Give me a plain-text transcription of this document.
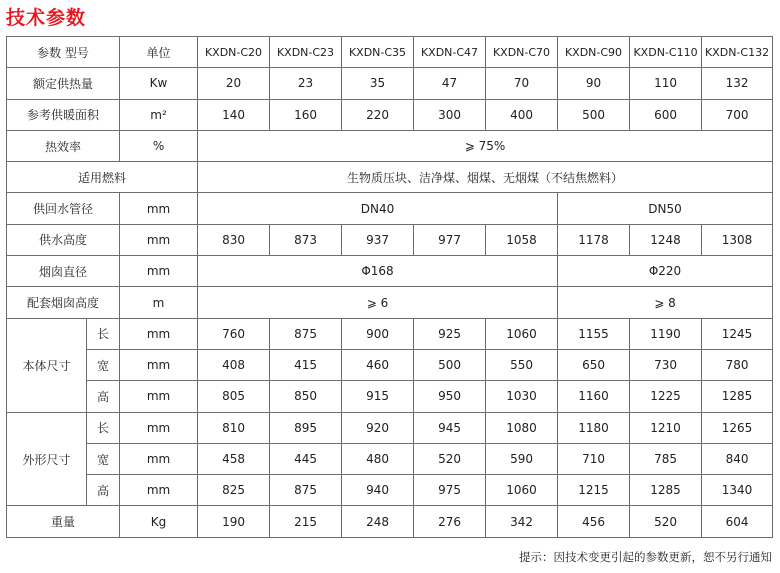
技术参数
参数 型号		单位	KXDN-C20	KXDN-C23	KXDN-C35	KXDN-C47	KXDN-C70	KXDN-C90	KXDN-C110	KXDN-C132
额定供热量		Kw	20	23	35	47	70	90	110	132
参考供暖面积		m²	140	160	220	300	400	500	600	700
热效率		%	⩾ 75%							
适用燃料			生物质压块、洁净煤、烟煤、无烟煤（不结焦燃料）							
供回水管径		mm	DN40					DN50		
供水高度		mm	830	873	937	977	1058	1178	1248	1308
烟囱直径		mm	Φ168					Φ220		
配套烟囱高度		m	⩾ 6					⩾ 8		
本体尺寸	长	mm	760	875	900	925	1060	1155	1190	1245
	宽	mm	408	415	460	500	550	650	730	780
	高	mm	805	850	915	950	1030	1160	1225	1285
外形尺寸	长	mm	810	895	920	945	1080	1180	1210	1265
	宽	mm	458	445	480	520	590	710	785	840
	高	mm	825	875	940	975	1060	1215	1285	1340
重量		Kg	190	215	248	276	342	456	520	604
提示：因技术变更引起的参数更新，恕不另行通知
